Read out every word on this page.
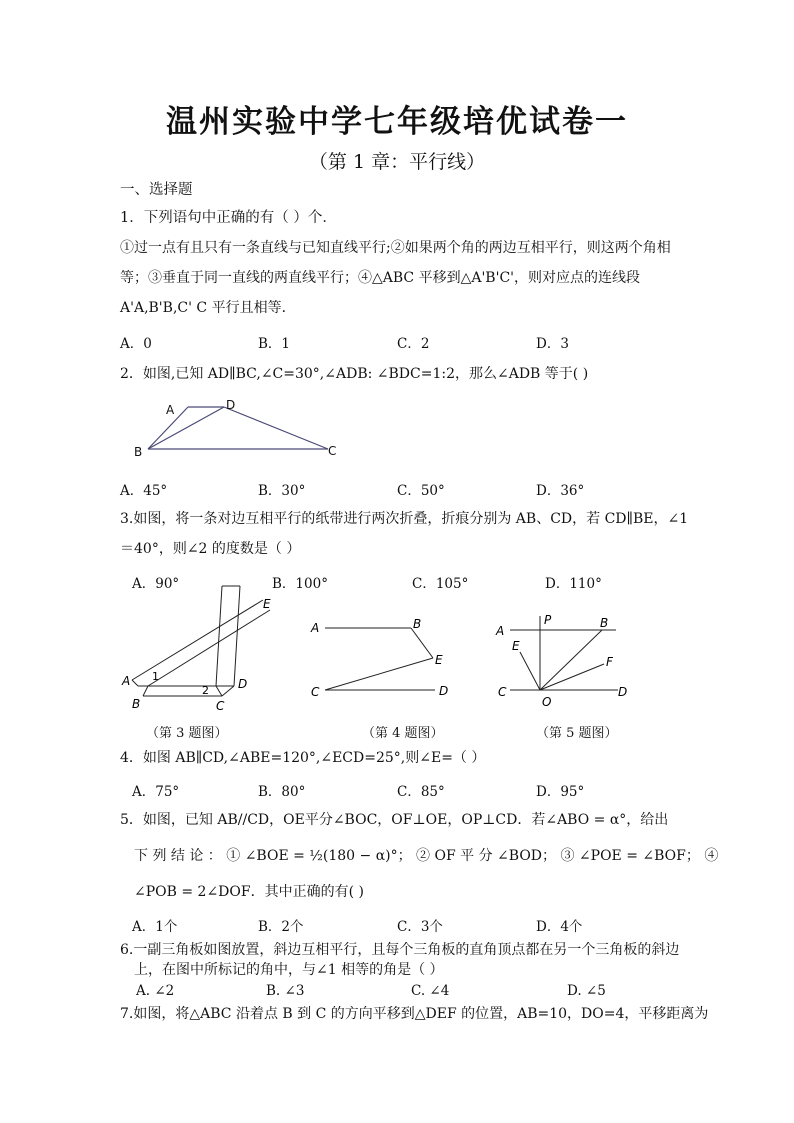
温州实验中学七年级培优试卷一
（第 1 章：平行线）
一、选择题
1．下列语句中正确的有（ ）个．
①过一点有且只有一条直线与已知直线平行;②如果两个角的两边互相平行，则这两个角相
等；③垂直于同一直线的两直线平行；④△ABC 平移到△A'B'C'，则对应点的连线段
A'A,B'B,C' C 平行且相等．
A．0	B．1	C．2	D．3
2．如图,已知 AD∥BC,∠C=30°,∠ADB: ∠BDC=1:2，那么∠ADB 等于( )
A	D
B	C
A．45°	B．30°	C．50°	D．36°
3.如图，将一条对边互相平行的纸带进行两次折叠，折痕分别为 AB、CD，若 CD∥BE，∠1
＝40°，则∠2 的度数是（ ）
A．90°	B．100°	C．105°	D．110°
E
A 1
2 D
B	C
A	B
E
C	D
A
P	B
E
F
C
O
D
（第 3 题图）	（第 4 题图）	（第 5 题图）
4．如图 AB∥CD,∠ABE=120°,∠ECD=25°,则∠E=（ ）
A．75°	B．80°	C．85°	D．95°
5．如图，已知 AB//CD，OE平分∠BOC，OF⊥OE，OP⊥CD．若∠ABO = α°，给出
下 列 结 论 ： ① ∠BOE = ½(180 − α)°； ② OF 平 分 ∠BOD； ③ ∠POE = ∠BOF； ④
∠POB = 2∠DOF．其中正确的有( )
A．1个	B．2个	C．3个	D．4个
6.一副三角板如图放置，斜边互相平行，且每个三角板的直角顶点都在另一个三角板的斜边
上，在图中所标记的角中，与∠1 相等的角是（ ）
A. ∠2	B. ∠3	C. ∠4	D. ∠5
7.如图，将△ABC 沿着点 B 到 C 的方向平移到△DEF 的位置，AB=10，DO=4，平移距离为
